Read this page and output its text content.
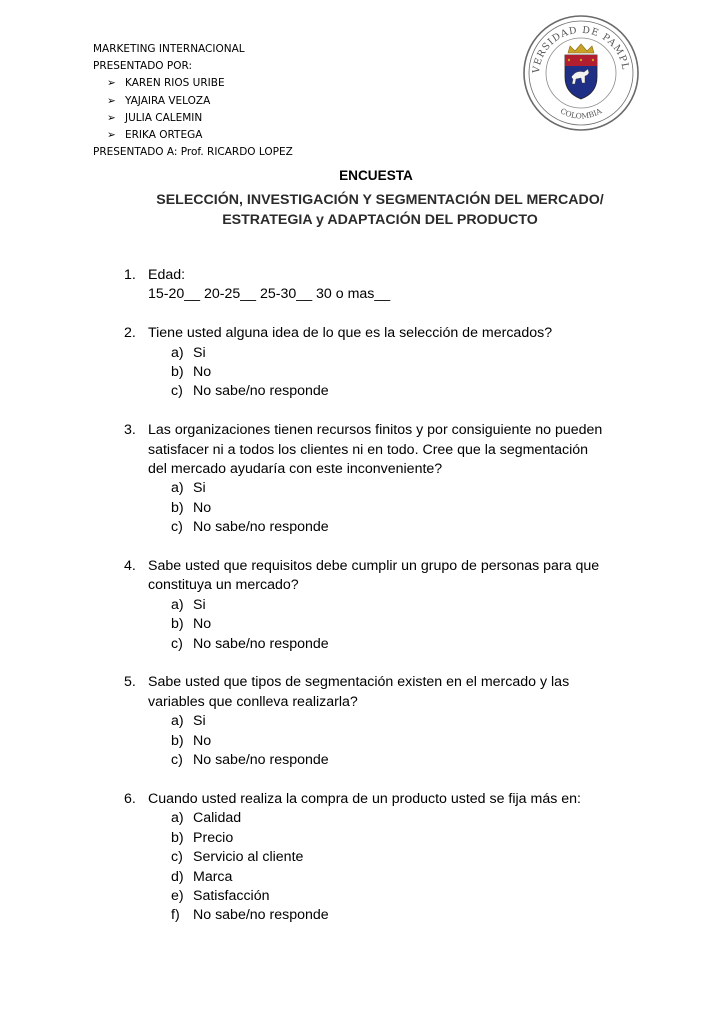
MARKETING INTERNACIONAL
PRESENTADO POR:
➢ KAREN RIOS URIBE
➢ YAJAIRA VELOZA
➢ JULIA CALEMIN
➢ ERIKA ORTEGA
PRESENTADO A: Prof. RICARDO LOPEZ
VERSIDAD DE PAMPL
COLOMBIA
ENCUESTA
SELECCIÓN, INVESTIGACIÓN Y SEGMENTACIÓN DEL MERCADO/
ESTRATEGIA y ADAPTACIÓN DEL PRODUCTO
1. Edad:
15-20__ 20-25__ 25-30__ 30 o mas__
2. Tiene usted alguna idea de lo que es la selección de mercados?
a) Si
b) No
c) No sabe/no responde
3. Las organizaciones tienen recursos finitos y por consiguiente no pueden
satisfacer ni a todos los clientes ni en todo. Cree que la segmentación
del mercado ayudaría con este inconveniente?
a) Si
b) No
c) No sabe/no responde
4. Sabe usted que requisitos debe cumplir un grupo de personas para que
constituya un mercado?
a) Si
b) No
c) No sabe/no responde
5. Sabe usted que tipos de segmentación existen en el mercado y las
variables que conlleva realizarla?
a) Si
b) No
c) No sabe/no responde
6. Cuando usted realiza la compra de un producto usted se fija más en:
a) Calidad
b) Precio
c) Servicio al cliente
d) Marca
e) Satisfacción
f) No sabe/no responde
